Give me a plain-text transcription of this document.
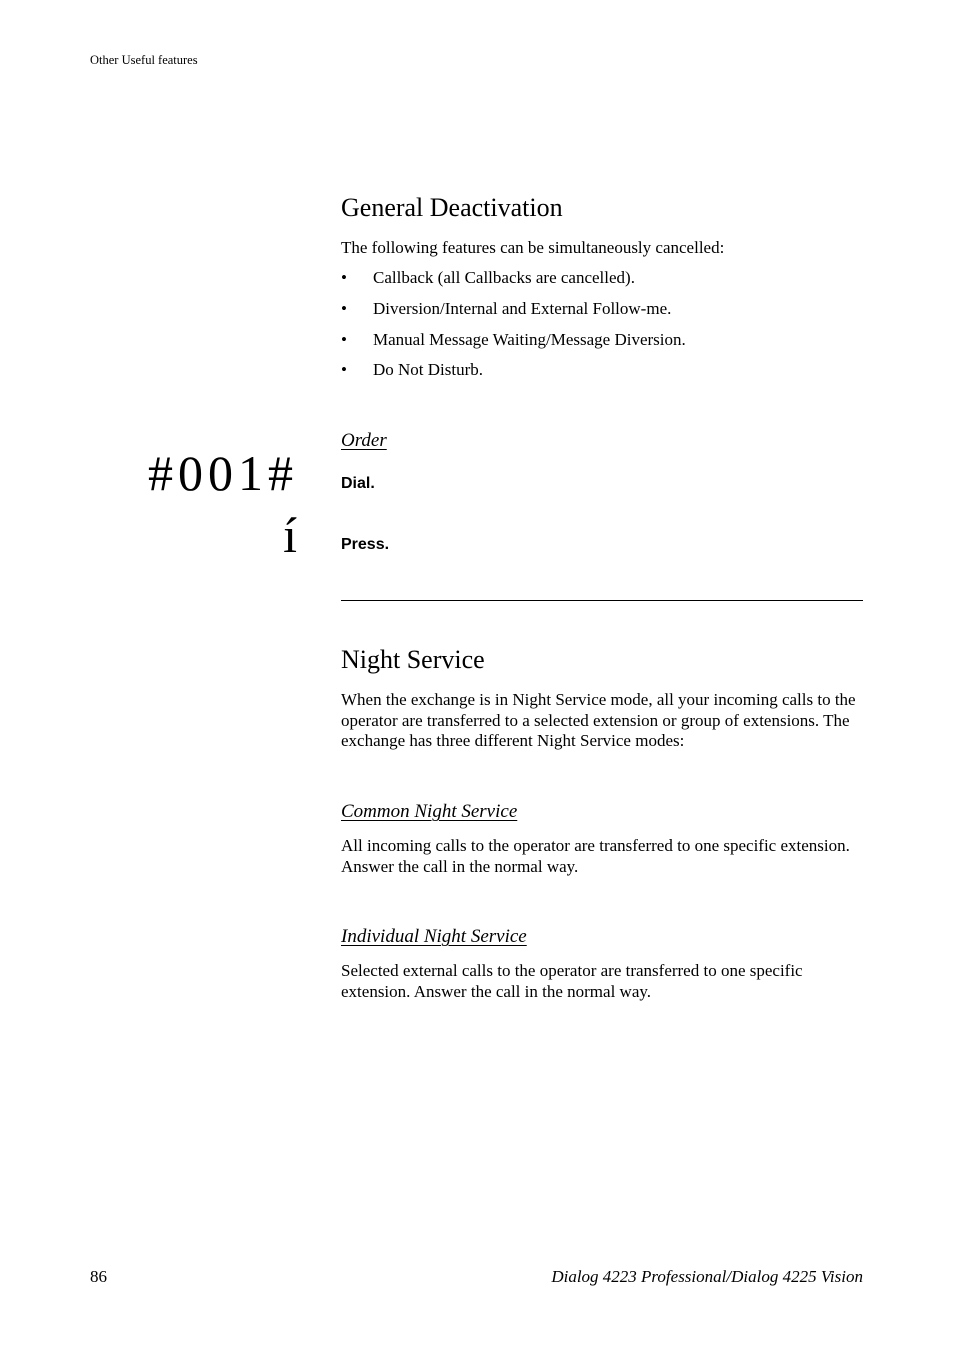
Other Useful features
General Deactivation
The following features can be simultaneously cancelled:
• Callback (all Callbacks are cancelled).
• Diversion/Internal and External Follow-me.
• Manual Message Waiting/Message Diversion.
• Do Not Disturb.
Order
#001#	Dial.
í	Press.
Night Service
When the exchange is in Night Service mode, all your incoming calls to the operator are transferred to a selected extension or group of extensions. The exchange has three different Night Service modes:
Common Night Service
All incoming calls to the operator are transferred to one specific extension. Answer the call in the normal way.
Individual Night Service
Selected external calls to the operator are transferred to one specific extension. Answer the call in the normal way.
86	Dialog 4223 Professional/Dialog 4225 Vision
